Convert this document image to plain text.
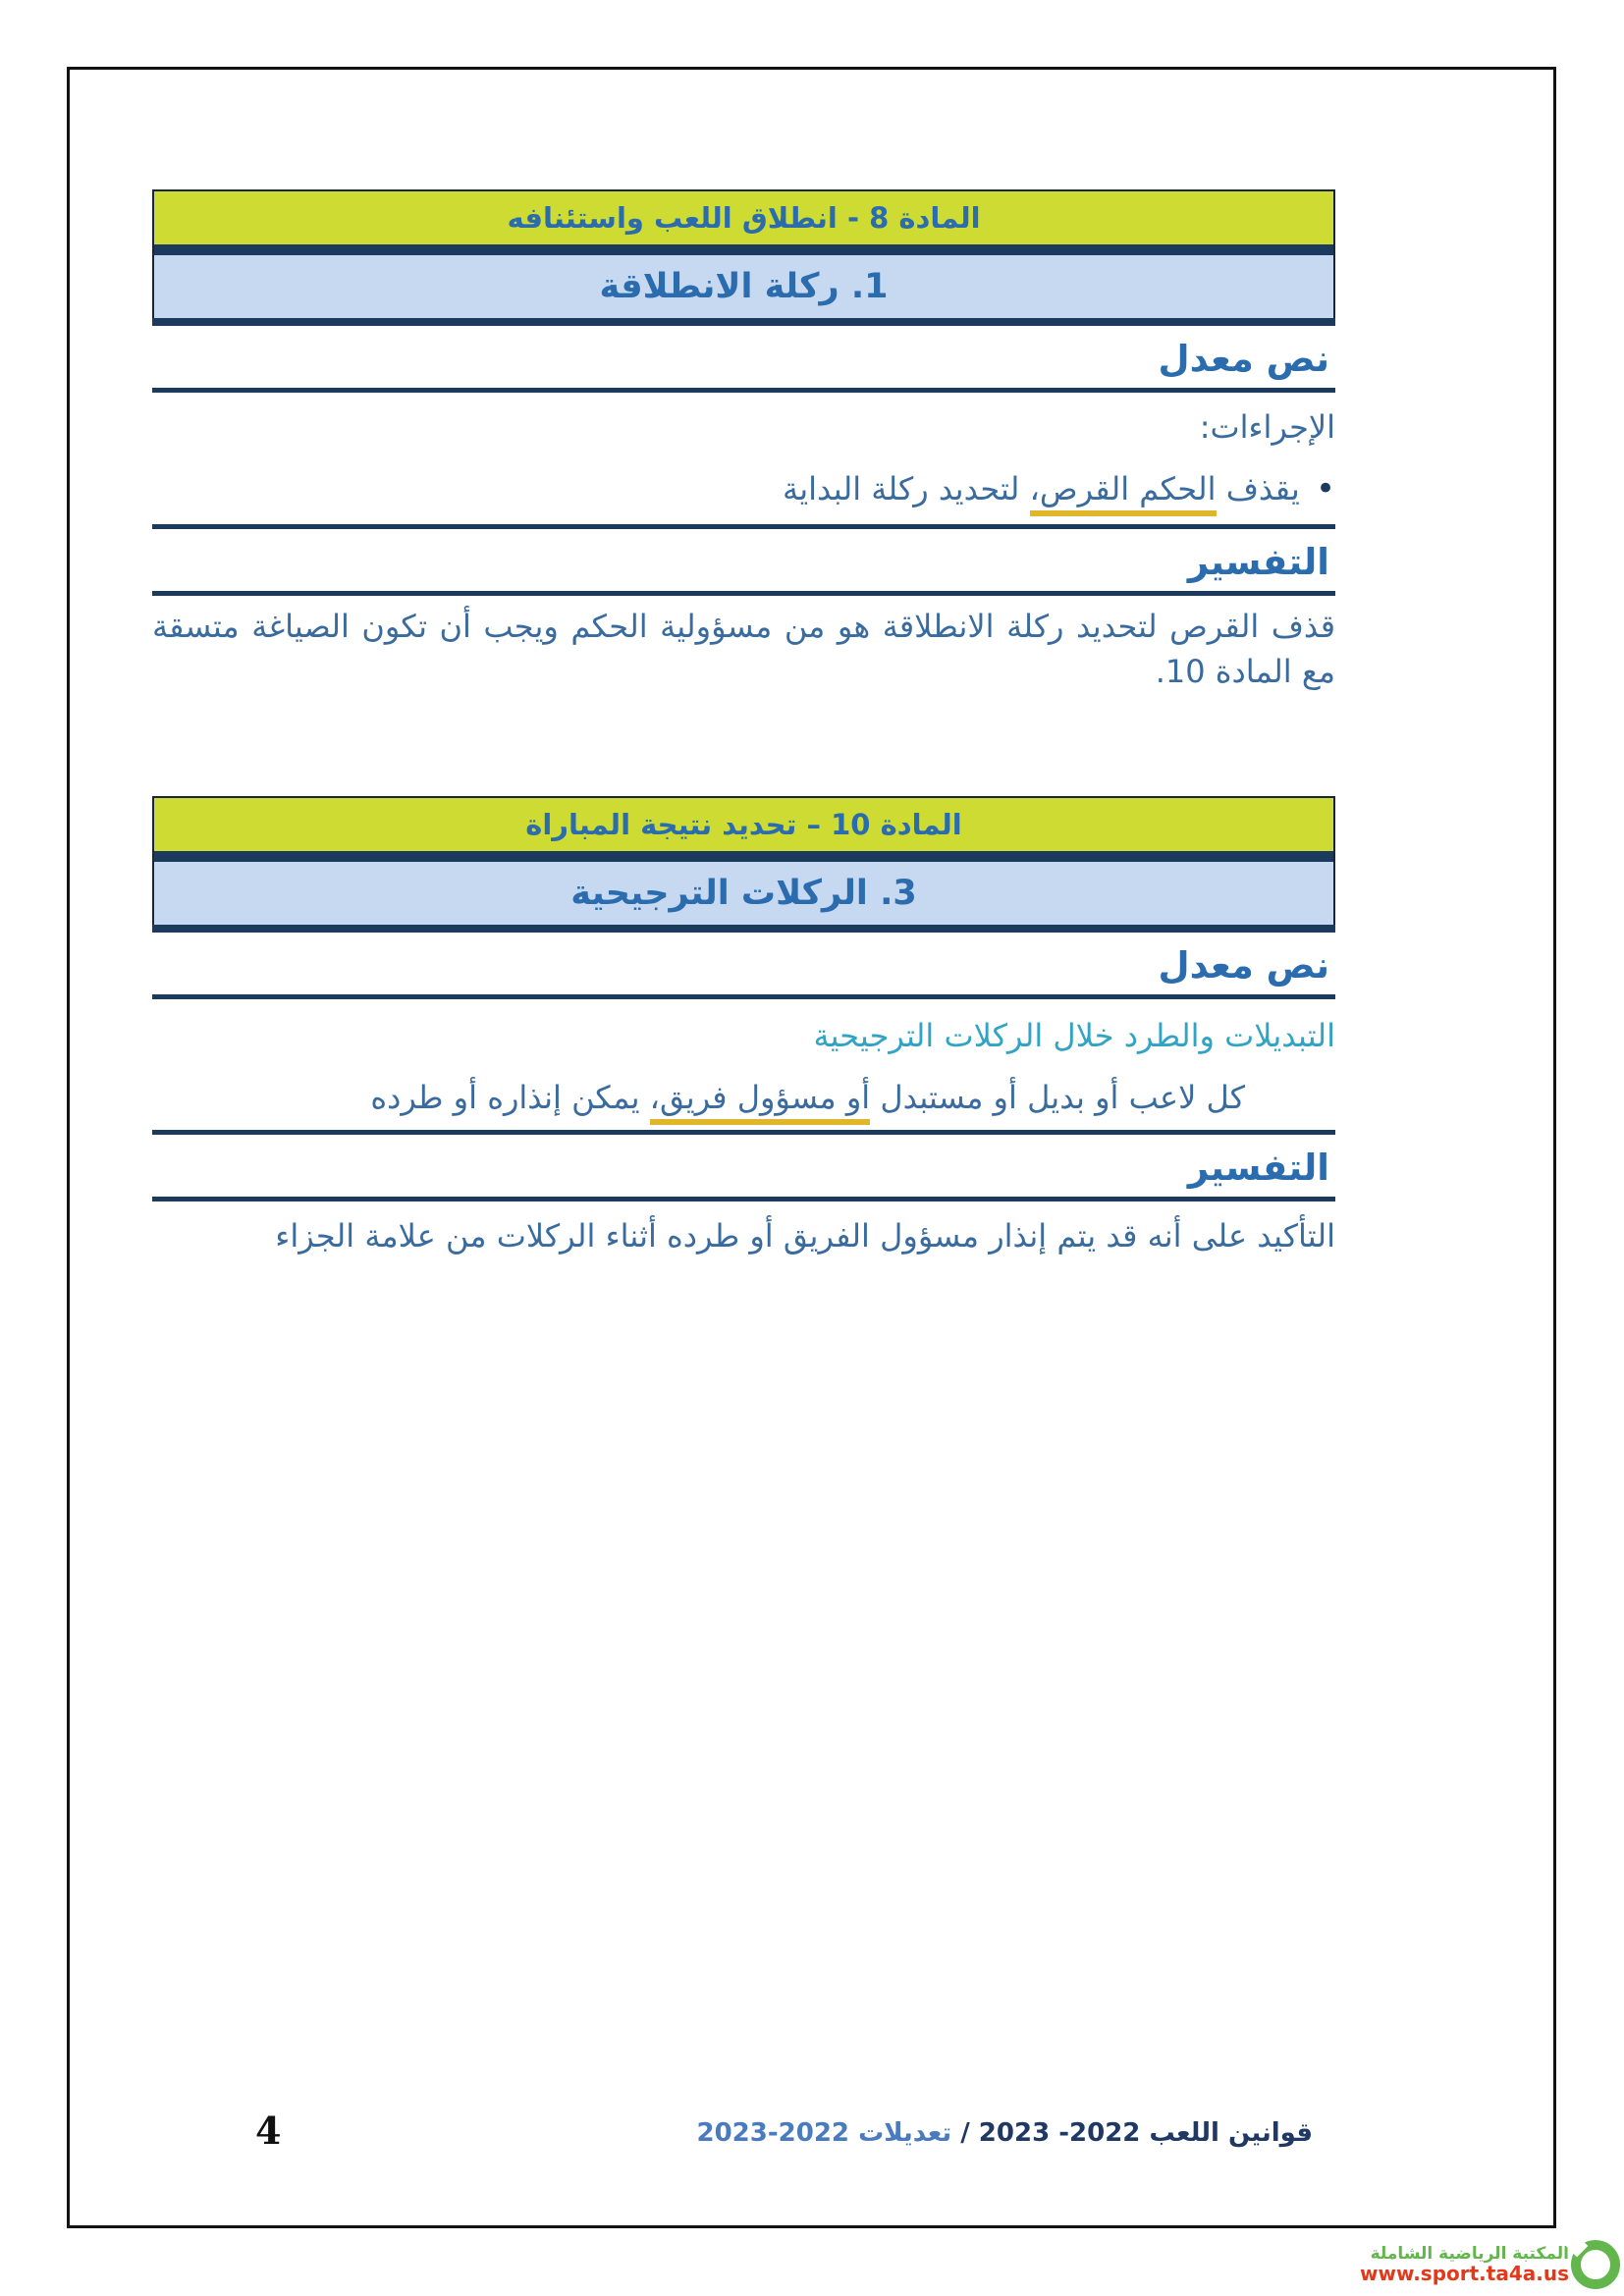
المادة 8 - انطلاق اللعب واستئنافه
1. ركلة الانطلاقة
نص معدل
الإجراءات:
• يقذف الحكم القرص، لتحديد ركلة البداية
التفسير
قذف القرص لتحديد ركلة الانطلاقة هو من مسؤولية الحكم ويجب أن تكون الصياغة متسقة مع المادة 10.
المادة 10 – تحديد نتيجة المباراة
3. الركلات الترجيحية
نص معدل
التبديلات والطرد خلال الركلات الترجيحية
كل لاعب أو بديل أو مستبدل أو مسؤول فريق، يمكن إنذاره أو طرده
التفسير
التأكيد على أنه قد يتم إنذار مسؤول الفريق أو طرده أثناء الركلات من علامة الجزاء
4	قوانين اللعب 2022- 2023 / تعديلات 2022-2023
المكتبة الرياضية الشاملة
www.sport.ta4a.us
